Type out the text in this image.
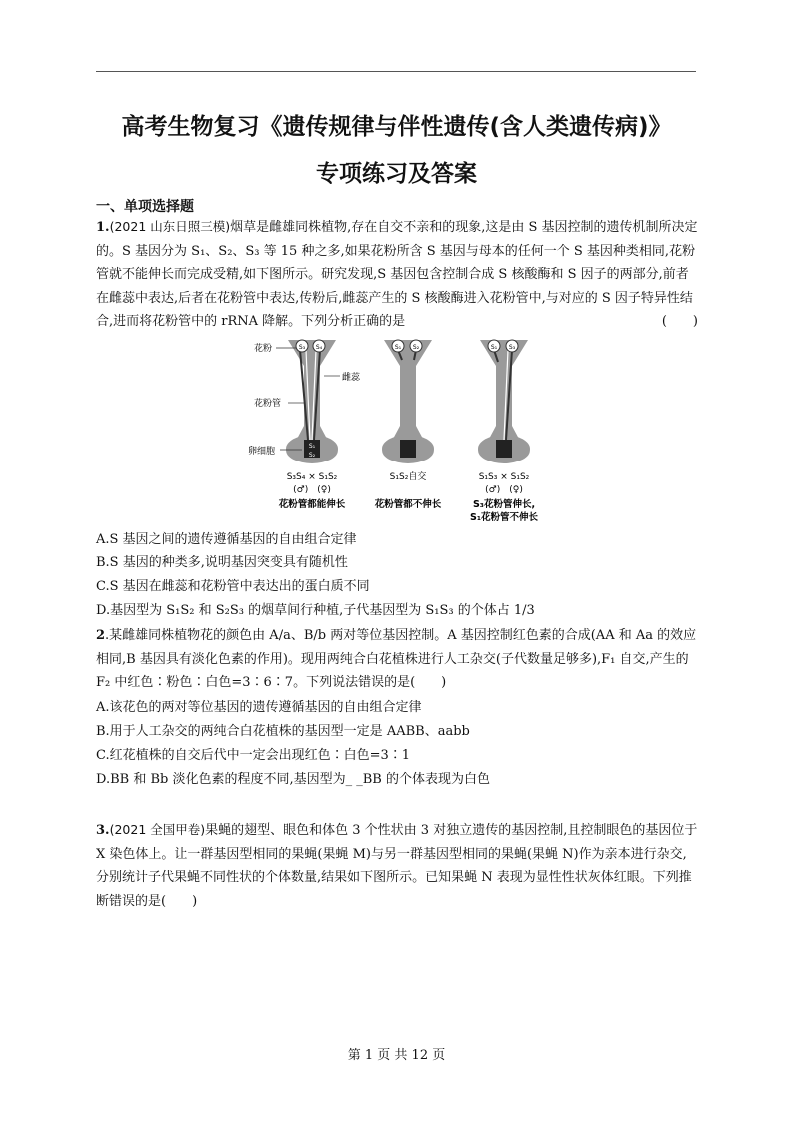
高考生物复习《遗传规律与伴性遗传(含人类遗传病)》
专项练习及答案
一、单项选择题
1.(2021 山东日照三模)烟草是雌雄同株植物,存在自交不亲和的现象,这是由 S 基因控制的遗传机制所决定的。S 基因分为 S₁、S₂、S₃ 等 15 种之多,如果花粉所含 S 基因与母本的任何一个 S 基因种类相同,花粉管就不能伸长而完成受精,如下图所示。研究发现,S 基因包含控制合成 S 核酸酶和 S 因子的两部分,前者在雌蕊中表达,后者在花粉管中表达,传粉后,雌蕊产生的 S 核酸酶进入花粉管中,与对应的 S 因子特异性结合,进而将花粉管中的 rRNA 降解。下列分析正确的是	(　　)
S₃ S₄
S₁
S₂
S₁ S₂	S₁ S₃
花粉
雌蕊
花粉管
卵细胞
S₃S₄ × S₁S₂
(♂)　(♀)
花粉管都能伸长
S₁S₂自交
花粉管都不伸长
S₁S₃ × S₁S₂
(♂)　(♀)
S₃花粉管伸长,
S₁花粉管不伸长
A.S 基因之间的遗传遵循基因的自由组合定律
B.S 基因的种类多,说明基因突变具有随机性
C.S 基因在雌蕊和花粉管中表达出的蛋白质不同
D.基因型为 S₁S₂ 和 S₂S₃ 的烟草间行种植,子代基因型为 S₁S₃ 的个体占 1/3
2.某雌雄同株植物花的颜色由 A/a、B/b 两对等位基因控制。A 基因控制红色素的合成(AA 和 Aa 的效应相同,B 基因具有淡化色素的作用)。现用两纯合白花植株进行人工杂交(子代数量足够多),F₁ 自交,产生的 F₂ 中红色∶粉色∶白色=3∶6∶7。下列说法错误的是(　　)
A.该花色的两对等位基因的遗传遵循基因的自由组合定律
B.用于人工杂交的两纯合白花植株的基因型一定是 AABB、aabb
C.红花植株的自交后代中一定会出现红色∶白色=3∶1
D.BB 和 Bb 淡化色素的程度不同,基因型为_ _BB 的个体表现为白色
3.(2021 全国甲卷)果蝇的翅型、眼色和体色 3 个性状由 3 对独立遗传的基因控制,且控制眼色的基因位于 X 染色体上。让一群基因型相同的果蝇(果蝇 M)与另一群基因型相同的果蝇(果蝇 N)作为亲本进行杂交,分别统计子代果蝇不同性状的个体数量,结果如下图所示。已知果蝇 N 表现为显性性状灰体红眼。下列推断错误的是(　　)
第 1 页 共 12 页
